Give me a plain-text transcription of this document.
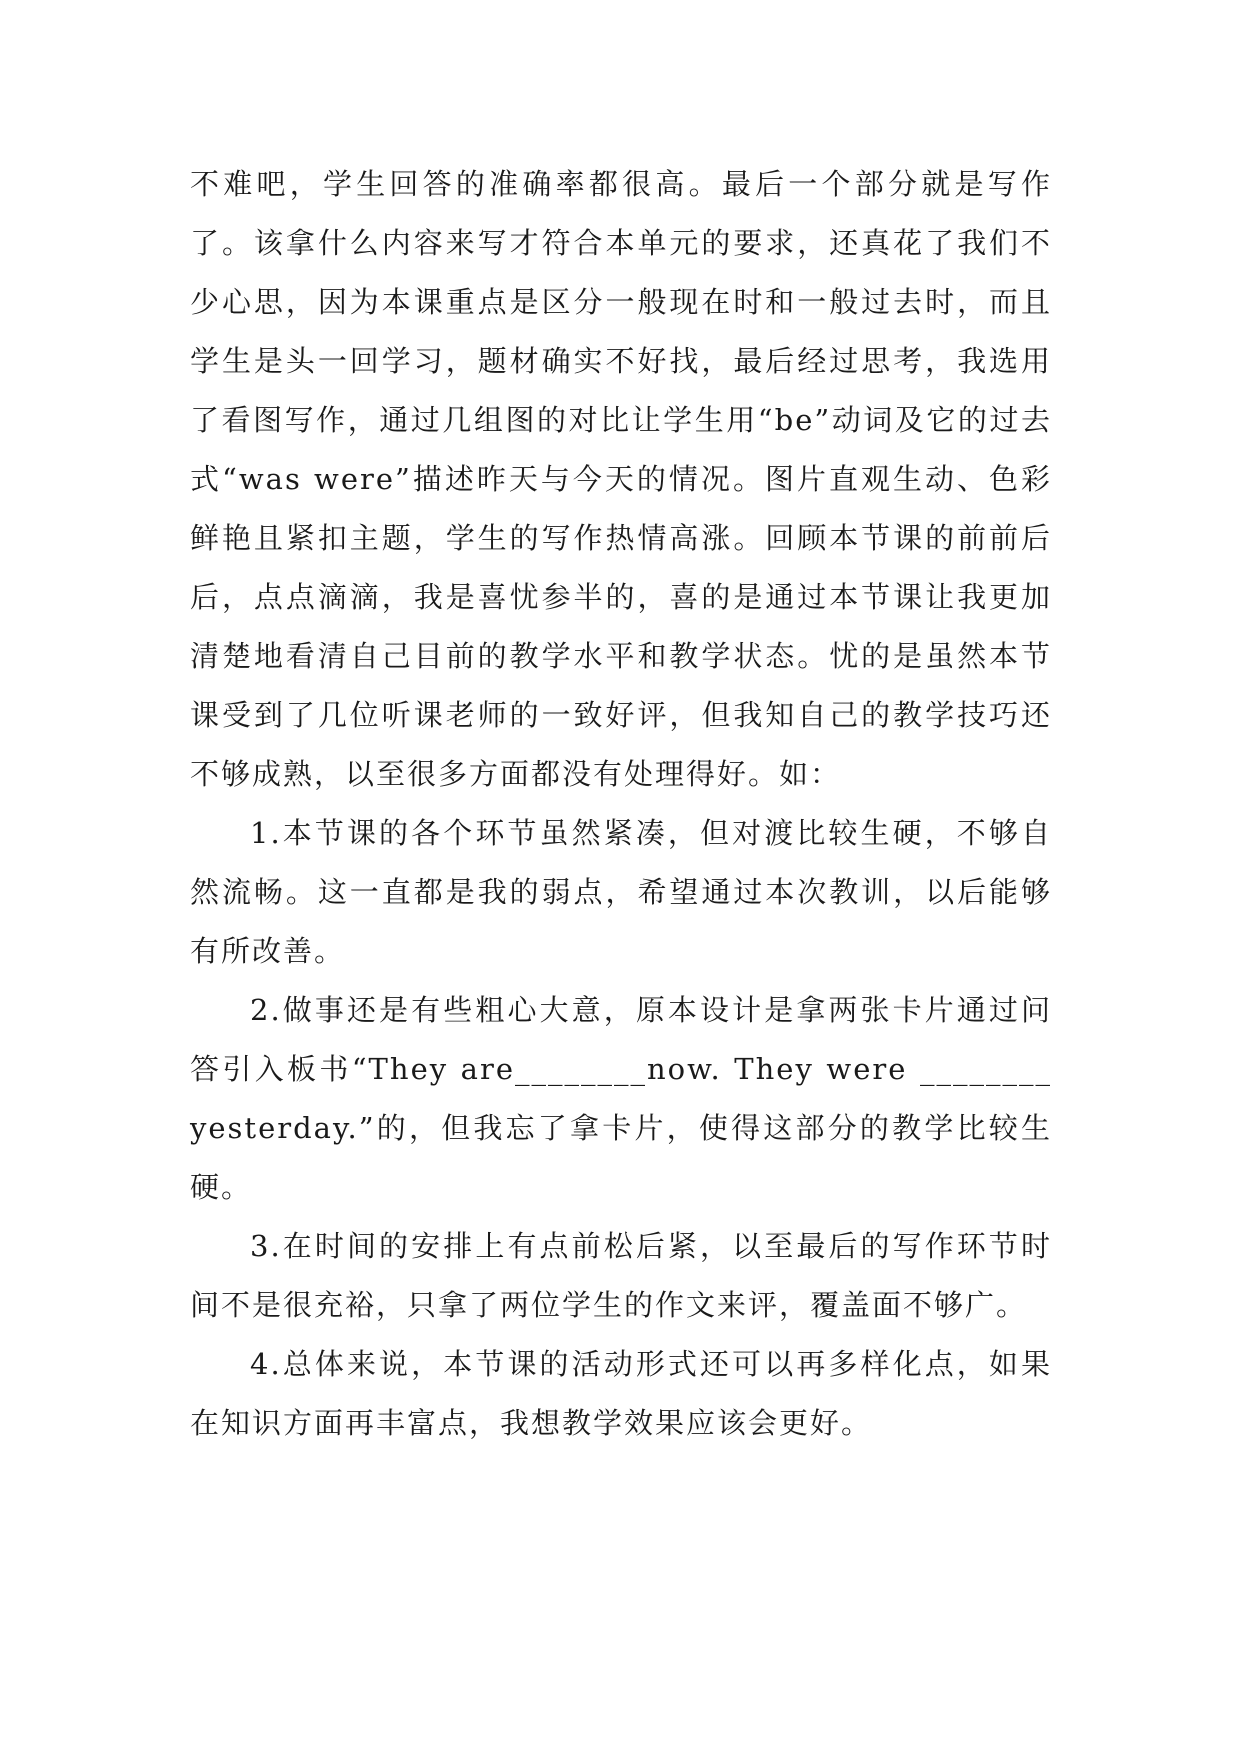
不难吧，学生回答的准确率都很高。最后一个部分就是写作了。该拿什么内容来写才符合本单元的要求，还真花了我们不少心思，因为本课重点是区分一般现在时和一般过去时，而且学生是头一回学习，题材确实不好找，最后经过思考，我选用了看图写作，通过几组图的对比让学生用“be”动词及它的过去式“was were”描述昨天与今天的情况。图片直观生动、色彩鲜艳且紧扣主题，学生的写作热情高涨。回顾本节课的前前后后，点点滴滴，我是喜忧参半的，喜的是通过本节课让我更加清楚地看清自己目前的教学水平和教学状态。忧的是虽然本节课受到了几位听课老师的一致好评，但我知自己的教学技巧还不够成熟，以至很多方面都没有处理得好。如：

1.本节课的各个环节虽然紧凑，但对渡比较生硬，不够自然流畅。这一直都是我的弱点，希望通过本次教训，以后能够有所改善。

2.做事还是有些粗心大意，原本设计是拿两张卡片通过问答引入板书“They are________now. They were ________yesterday.”的，但我忘了拿卡片，使得这部分的教学比较生硬。

3.在时间的安排上有点前松后紧，以至最后的写作环节时间不是很充裕，只拿了两位学生的作文来评，覆盖面不够广。

4.总体来说，本节课的活动形式还可以再多样化点，如果在知识方面再丰富点，我想教学效果应该会更好。
